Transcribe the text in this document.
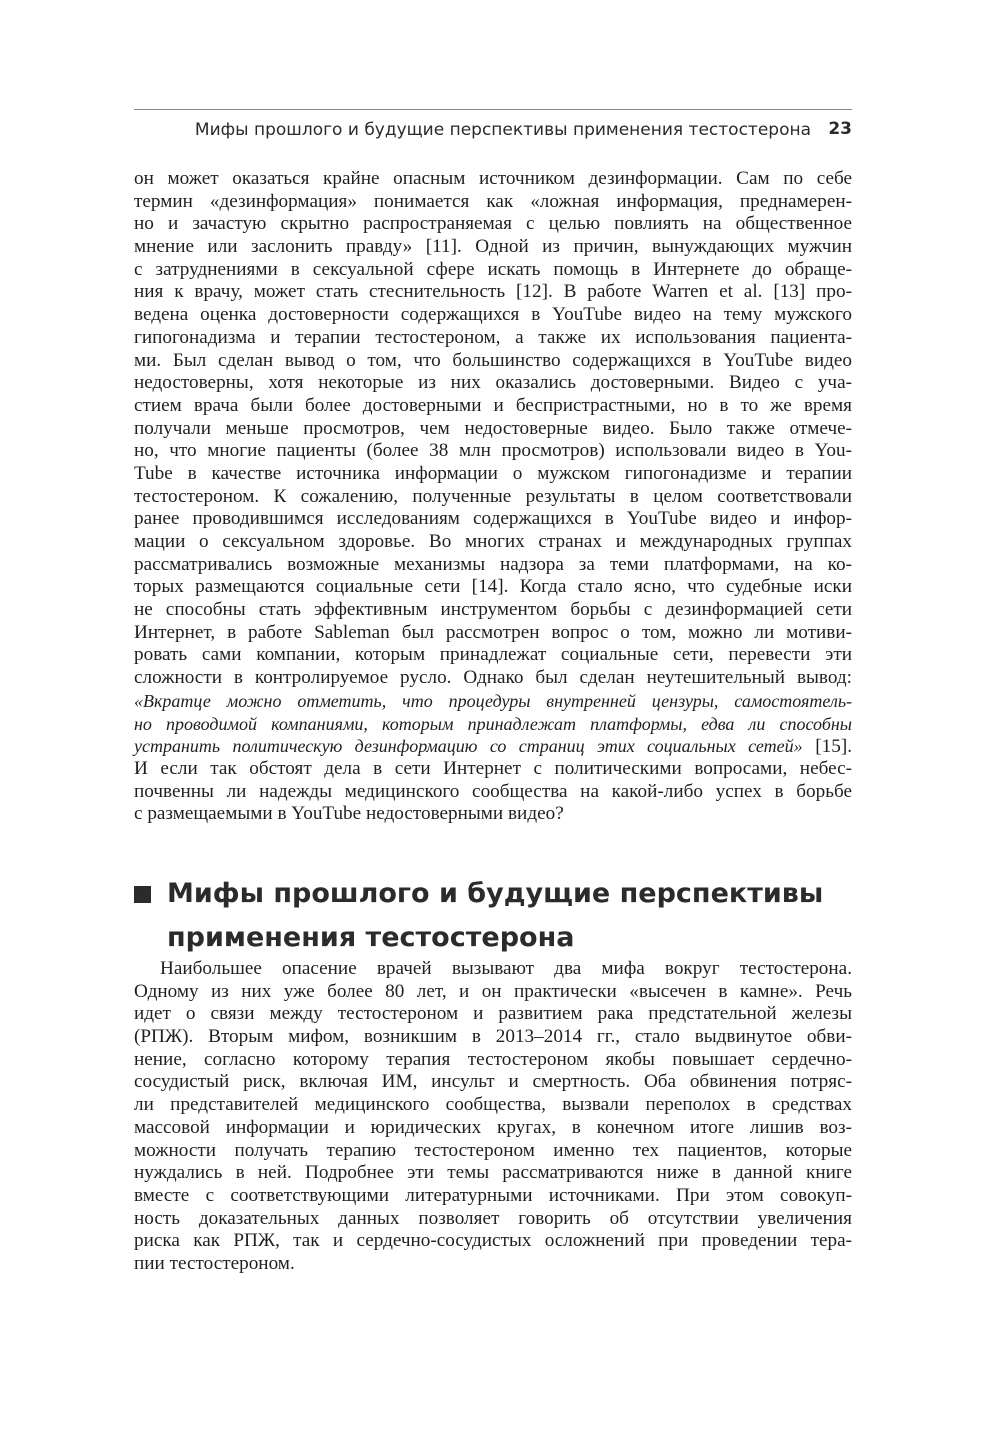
Мифы прошлого и будущие перспективы применения тестостерона 23
он может оказаться крайне опасным источником дезинформации. Сам по себе
термин «дезинформация» понимается как «ложная информация, преднамерен-
но и зачастую скрытно распространяемая с целью повлиять на общественное
мнение или заслонить правду» [11]. Одной из причин, вынуждающих мужчин
с затруднениями в сексуальной сфере искать помощь в Интернете до обраще-
ния к врачу, может стать стеснительность [12]. В работе Warren et al. [13] про-
ведена оценка достоверности содержащихся в YouTube видео на тему мужского
гипогонадизма и терапии тестостероном, а также их использования пациента-
ми. Был сделан вывод о том, что большинство содержащихся в YouTube видео
недостоверны, хотя некоторые из них оказались достоверными. Видео с уча-
стием врача были более достоверными и беспристрастными, но в то же время
получали меньше просмотров, чем недостоверные видео. Было также отмече-
но, что многие пациенты (более 38 млн просмотров) использовали видео в You-
Tube в качестве источника информации о мужском гипогонадизме и терапии
тестостероном. К сожалению, полученные результаты в целом соответствовали
ранее проводившимся исследованиям содержащихся в YouTube видео и инфор-
мации о сексуальном здоровье. Во многих странах и международных группах
рассматривались возможные механизмы надзора за теми платформами, на ко-
торых размещаются социальные сети [14]. Когда стало ясно, что судебные иски
не способны стать эффективным инструментом борьбы с дезинформацией сети
Интернет, в работе Sableman был рассмотрен вопрос о том, можно ли мотиви-
ровать сами компании, которым принадлежат социальные сети, перевести эти
сложности в контролируемое русло. Однако был сделан неутешительный вывод:
«Вкратце можно отметить, что процедуры внутренней цензуры, самостоятель-
но проводимой компаниями, которым принадлежат платформы, едва ли способны
устранить политическую дезинформацию со страниц этих социальных сетей» [15].
И если так обстоят дела в сети Интернет с политическими вопросами, небес-
почвенны ли надежды медицинского сообщества на какой-либо успех в борьбе
с размещаемыми в YouTube недостоверными видео?
Мифы прошлого и будущие перспективы
применения тестостерона
Наибольшее опасение врачей вызывают два мифа вокруг тестостерона.
Одному из них уже более 80 лет, и он практически «высечен в камне». Речь
идет о связи между тестостероном и развитием рака предстательной железы
(РПЖ). Вторым мифом, возникшим в 2013–2014 гг., стало выдвинутое обви-
нение, согласно которому терапия тестостероном якобы повышает сердечно-
сосудистый риск, включая ИМ, инсульт и смертность. Оба обвинения потряс-
ли представителей медицинского сообщества, вызвали переполох в средствах
массовой информации и юридических кругах, в конечном итоге лишив воз-
можности получать терапию тестостероном именно тех пациентов, которые
нуждались в ней. Подробнее эти темы рассматриваются ниже в данной книге
вместе с соответствующими литературными источниками. При этом совокуп-
ность доказательных данных позволяет говорить об отсутствии увеличения
риска как РПЖ, так и сердечно-сосудистых осложнений при проведении тера-
пии тестостероном.
